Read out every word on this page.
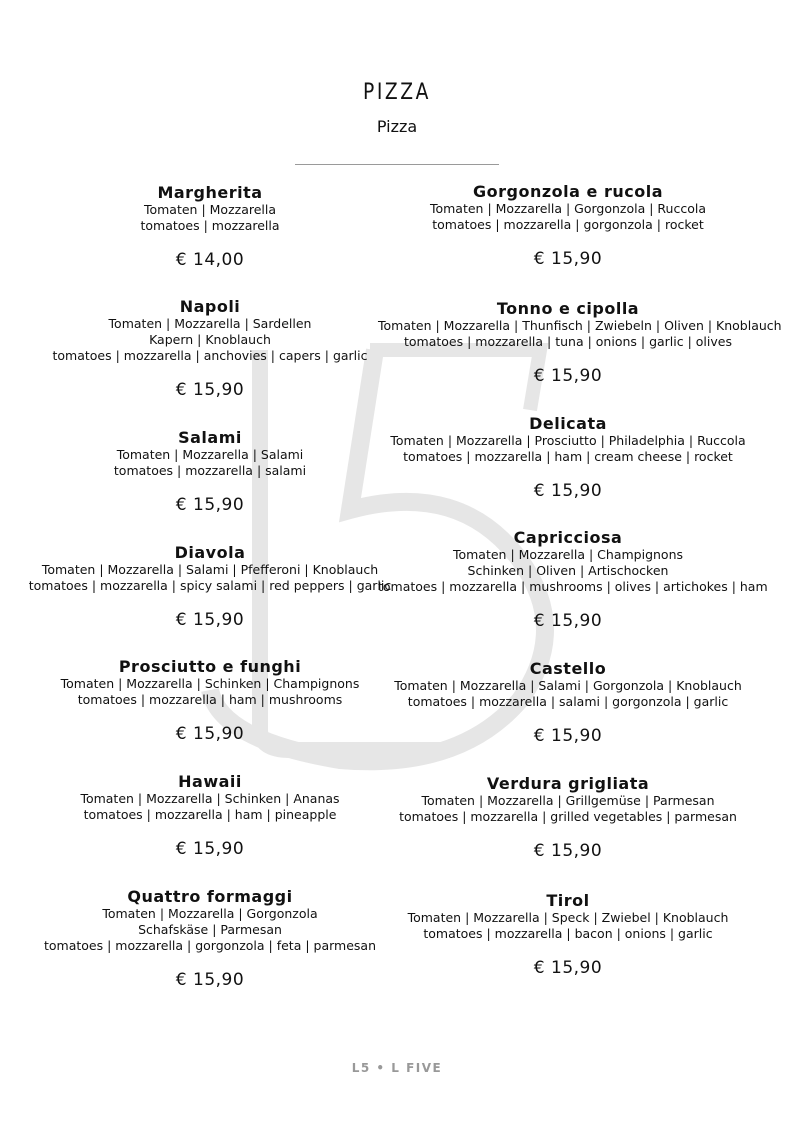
PIZZA
Pizza
Margherita
Tomaten | Mozzarella
tomatoes | mozzarella
€ 14,00
Napoli
Tomaten | Mozzarella | Sardellen
Kapern | Knoblauch
tomatoes | mozzarella | anchovies | capers | garlic
€ 15,90
Salami
Tomaten | Mozzarella | Salami
tomatoes | mozzarella | salami
€ 15,90
Diavola
Tomaten | Mozzarella | Salami | Pfefferoni | Knoblauch
tomatoes | mozzarella | spicy salami | red peppers | garlic
€ 15,90
Prosciutto e funghi
Tomaten | Mozzarella | Schinken | Champignons
tomatoes | mozzarella | ham | mushrooms
€ 15,90
Hawaii
Tomaten | Mozzarella | Schinken | Ananas
tomatoes | mozzarella | ham | pineapple
€ 15,90
Quattro formaggi
Tomaten | Mozzarella | Gorgonzola
Schafskäse | Parmesan
tomatoes | mozzarella | gorgonzola | feta | parmesan
€ 15,90
Gorgonzola e rucola
Tomaten | Mozzarella | Gorgonzola | Ruccola
tomatoes | mozzarella | gorgonzola | rocket
€ 15,90
Tonno e cipolla
Tomaten | Mozzarella | Thunfisch | Zwiebeln | Oliven | Knoblauch
tomatoes | mozzarella | tuna | onions | garlic | olives
€ 15,90
Delicata
Tomaten | Mozzarella | Prosciutto | Philadelphia | Ruccola
tomatoes | mozzarella | ham | cream cheese | rocket
€ 15,90
Capricciosa
Tomaten | Mozzarella | Champignons
Schinken | Oliven | Artischocken
tomatoes | mozzarella | mushrooms | olives | artichokes | ham
€ 15,90
Castello
Tomaten | Mozzarella | Salami | Gorgonzola | Knoblauch
tomatoes | mozzarella | salami | gorgonzola | garlic
€ 15,90
Verdura grigliata
Tomaten | Mozzarella | Grillgemüse | Parmesan
tomatoes | mozzarella | grilled vegetables | parmesan
€ 15,90
Tirol
Tomaten | Mozzarella | Speck | Zwiebel | Knoblauch
tomatoes | mozzarella | bacon | onions | garlic
€ 15,90
L5 • L FIVE
